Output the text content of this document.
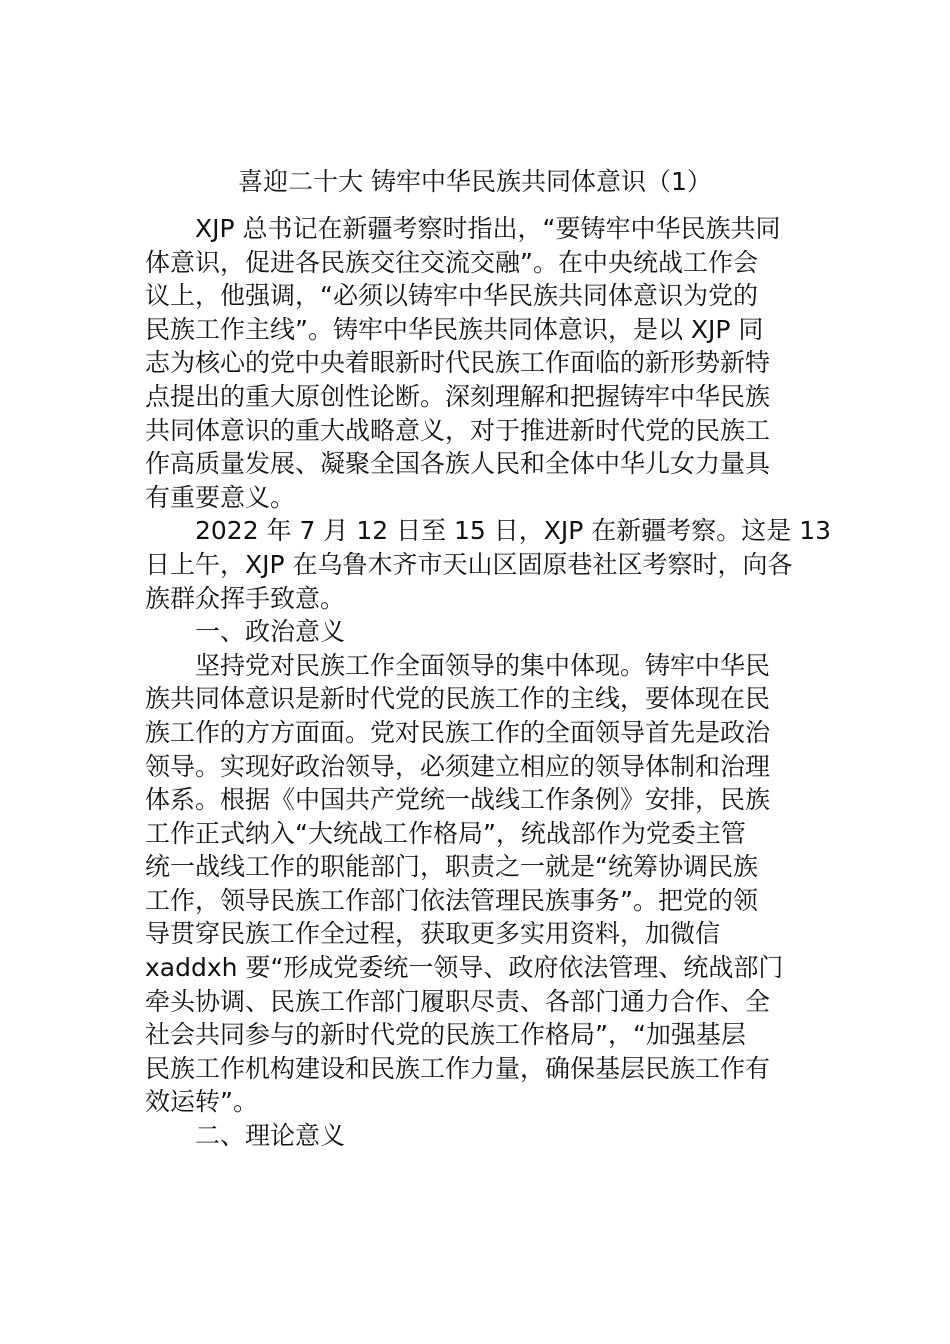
喜迎二十大 铸牢中华民族共同体意识（1）
XJP 总书记在新疆考察时指出，“要铸牢中华民族共同
体意识，促进各民族交往交流交融”。在中央统战工作会
议上，他强调，“必须以铸牢中华民族共同体意识为党的
民族工作主线”。铸牢中华民族共同体意识，是以 XJP 同
志为核心的党中央着眼新时代民族工作面临的新形势新特
点提出的重大原创性论断。深刻理解和把握铸牢中华民族
共同体意识的重大战略意义，对于推进新时代党的民族工
作高质量发展、凝聚全国各族人民和全体中华儿女力量具
有重要意义。
2022 年 7 月 12 日至 15 日，XJP 在新疆考察。这是 13
日上午，XJP 在乌鲁木齐市天山区固原巷社区考察时，向各
族群众挥手致意。
一、政治意义
坚持党对民族工作全面领导的集中体现。铸牢中华民
族共同体意识是新时代党的民族工作的主线，要体现在民
族工作的方方面面。党对民族工作的全面领导首先是政治
领导。实现好政治领导，必须建立相应的领导体制和治理
体系。根据《中国共产党统一战线工作条例》安排，民族
工作正式纳入“大统战工作格局”，统战部作为党委主管
统一战线工作的职能部门，职责之一就是“统筹协调民族
工作，领导民族工作部门依法管理民族事务”。把党的领
导贯穿民族工作全过程，获取更多实用资料，加微信
xaddxh 要“形成党委统一领导、政府依法管理、统战部门
牵头协调、民族工作部门履职尽责、各部门通力合作、全
社会共同参与的新时代党的民族工作格局”，“加强基层
民族工作机构建设和民族工作力量，确保基层民族工作有
效运转”。
二、理论意义
